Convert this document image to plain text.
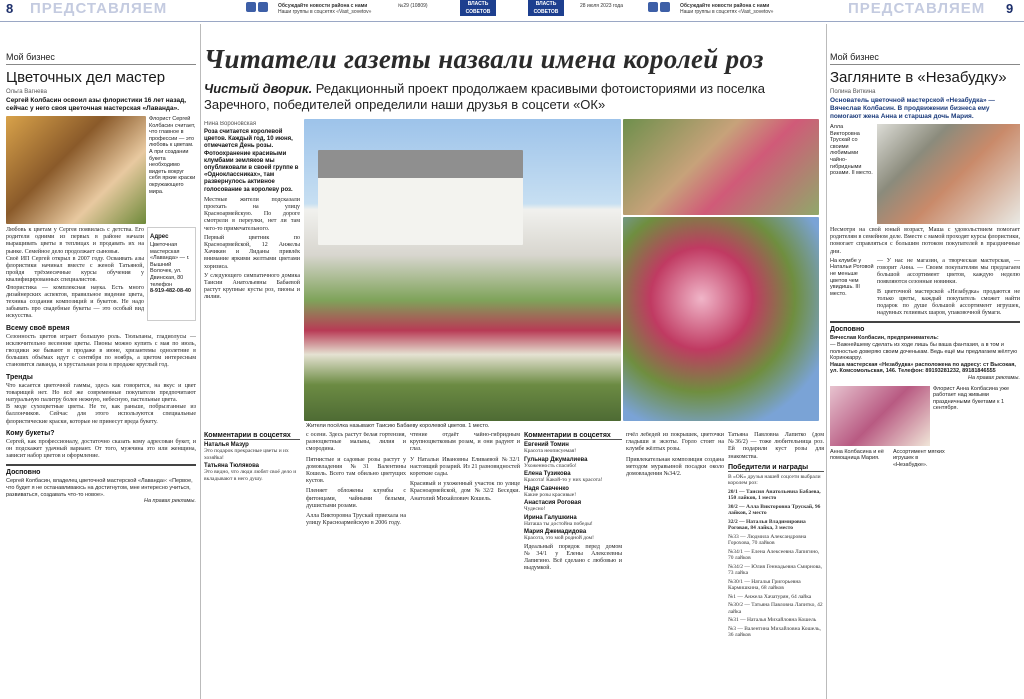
8 ПРЕДСТАВЛЯЕМ	Обсуждайте новости района с нами
Наши группы в соцсетях «Vast_sovetov»
№29 (10809)	ВЛАСТЬ СОВЕТОВ
ВЛАСТЬ СОВЕТОВ
28 июля 2023 года	Обсуждайте новости района с нами
Наши группы в соцсетях «Vast_sovetov»	ПРЕДСТАВЛЯЕМ 9
Мой бизнес
Цветочных дел мастер
Ольга Вагнева
Сергей Колбасин освоил азы флористики 16 лет назад, сейчас у него своя цветочная мастерская «Лаванда».
Флорист Сергей Колбасин считает, что главное в профессии — это любовь к цветам. А при создании букета необходимо видеть вокруг себя яркие краски окружающего мира.
Любовь к цветам у Сергея появилась с детства. Его родители одними из первых в районе начали выращивать цветы в теплицах и продавать их на рынке. Семейное дело продолжает сыновья.
Своё ИП Сергей открыл в 2007 году. Осваивать азы флористики начинал вместе с женой Татьяной, пройдя трёхмесячные курсы обучения у квалифицированных специалистов.
Флористика — комплексная наука. Есть много дизайнерских аспектов, правильное видение цвета, техника создания композиций и букетов. Не надо забывать про свадебные букеты — это особый вид искусства.
Адрес
Цветочная мастерская «Лаванда» — г. Вышний Волочек, ул. Двинская, 80 телефон
8-919-482-08-40
Всему своё время
Сезонность цветов играет большую роль. Тюльпаны, гладиолусы — исключительно весенние цветы. Пионы можно купить с мая по июль, гвоздики же бывают в продаже в июне, хризантемы однолетние в больших объёмах идут с сентября по ноябрь, а цветом интересным становится лаванда, и хрустальная роза в продаже круглый год.
Тренды
Что касается цветочной гаммы, здесь как говорится, на вкус и цвет товарищей нет. Но всё же современные покупатели предпочитают натуральную палитру более нежную, небесную, пастельные цвета.
В моде сухоцветные цветы. Не те, как раньше, побрызганные из баллончиков. Сейчас для этого используются специальные флористические краски, которые не принесут вреда букету.
Кому букеты?
Сергей, как профессионалу, достаточно сказать кому адресован букет, и он подскажет удачный вариант. От того, мужчина это или женщина, зависит набор цветов и оформление.
Досповно
Сергей Колбасин, владелец цветочной мастерской «Лаванда»: «Первое, что будет я не останавливаюсь на достигнутом, мне интересно учиться, развиваться, создавать что-то новое».
На правах рекламы.
Читатели газеты назвали имена королей роз
Чистый дворик. Редакционный проект продолжаем красивыми фотоисториями из поселка Заречного, победителей определили наши друзья в соцсети «ОК»
Нина Вороновская
Роза считается королевой цветов. Каждый год, 10 июня, отмечается День розы. Фотоохранение красивыми клумбами земляков мы опубликовали в своей группе в «Одноклассниках», там развернулось активное голосование за королеву роз.
Местные жители подсказали проехать на улицу Красноармейскую. По дороге смотрели в переулки, нет ли там чего-то примечательного.
Первый цветник по Красноармейской, 12 Анжелы Хачикян и Лиданы привлёк внимание яркими желтыми цветами хоризиса.
У следующего симпатичного домика Таисии Анатольевны Бабаевой растут крупные кусты роз, пионы и лилии.
Жители посёлка называют Таисию Бабаеву королевой цветов. 1 место.
Комментарии в соцсетях
Наталья Мазур
Это подарок прекрасные цветы и их хозяйка!
Татьяна Тюлякова
Это видно, что люди любят своё дело и вкладывают в него душу.
с осени. Здесь растут белая гортензия, разноцветные мальвы, лилия и смородина.
Пятнистые и садовые розы растут у домовладения №31 Валентины Кошель. Всего там обильно цветущих кустов.
Пленяет обложены клумбы с фитонцами, чайными белыми, душистыми розами.
Алла Викторовна Трускай приехала на улицу Красноармейскую в 2006 году.
чтение отдаёт чайно-гибридным крупноцветковым розам, и они радуют и глаз.
У Натальи Ивановны Еливаевой №32/1 настоящий розарий. Из 21 разновидностей короткие сады.
Красивый и ухоженный участок по улице Красноармейской, дом №32/2 Беседки. Анатолий Михайлович Кошель.
Комментарии в соцсетях
Евгений Томин
Красота неописуемая!
Гульнар Джумалиева
Ухоженность спасибо!
Елена Тузикова
Красота! Какой-то у них красота!
Надя Савченко
Какие розы красивые!
Анастасия Роговая
Чудесно!
Ирина Галушкина
Наташа ты достойна победы!
Мария Джемадидова
Красота, это мой родной дом!
Идеальный порядок перед домом №34/1 у Елены Алексеевны Лапигино. Всё сделано с любовью и выдумкой.
пчёл лебедей из покрышек, цветочки гладыши и экзоты. Горло стоит на клумбе жёлтых розы.
Привлекательная композиция создана методом муравьиной посадки около домовладения №34/2.
Татьяна Павловна Лапитко (дом №36/2) — тоже любительница роз. Ей подарили куст розы для знакомства.
Победители и награды
В «ОК» друзья нашей соцсети выбрали королем роз:
20/1 — Таисия Анатольевна Бабаева, 150 лайков, 1 место
30/2 — Алла Викторовна Трускай, 96 лайков, 2 место
32/2 — Наталья Владимировна Роговая, 84 лайка, 3 место
№33 — Людмила Александровна Горохова, 70 лайков
№34/1 — Елена Алексеевна Лапигино, 70 лайков
№34/2 — Юлия Геннадьевна Смирнова, 73 лайка
№30/1 — Наталья Григорьевна Кармишкина, 68 лайков
№1 — Анжела Хачатурян, 64 лайка
№30/2 — Татьяна Павловна Лапитко, 42 лайка
№31 — Наталья Михайловна Кошель
№3 — Валентина Михайловна Кошель, 36 лайков
Мой бизнес
Загляните в «Незабудку»
Полина Виткина
Основатель цветочной мастерской «Незабудка» — Вячеслав Колбасин. В продвижении бизнеса ему помогают жена Анна и старшая дочь Мария.
Алла Викторовна Трускай со своими любимыми чайно-гибридными розами. II место.
Несмотря на свой юный возраст, Маша с удовольствием помогает родителям в семейном деле. Вместе с мамой проходят курсы флористики, помогает справляться с большим потоком покупателей в праздничные дни.
На клумбе у Натальи Роговой не меньше цветов чем увидишь. III место.
— У нас не магазин, а творческая мастерская, — говорит Анна. — Своим покупателям мы предлагаем большой ассортимент цветов, каждую неделю появляются сезонные новинки.
В цветочной мастерской «Незабудка» продаются не только цветы, каждый покупатель сможет найти подарок по душе большой ассортимент игрушек, надувных гелиевых шаров, упаковочной бумаги.
Досповно
Вячеслав Колбасин, предприниматель:
— Важнейшему сделать из ходе лишь бы ваша фантазия, а в том и полностью доверяю своим доченькам. Ведь ещё мы предлагаем жёлтую Коринжарру.
Наша мастерская «Незабудка» расположена по адресу: ст Высокая, ул. Комсомольская, 146. Телефон: 89193281232, 89181846555
На правах рекламы.
Флорист Анна Колбасина уже работает над живыми праздничными букетами к 1 сентября.
Анна Колбасина и её помощница Мария.
Ассортимент мягких игрушек в «Незабудке».
